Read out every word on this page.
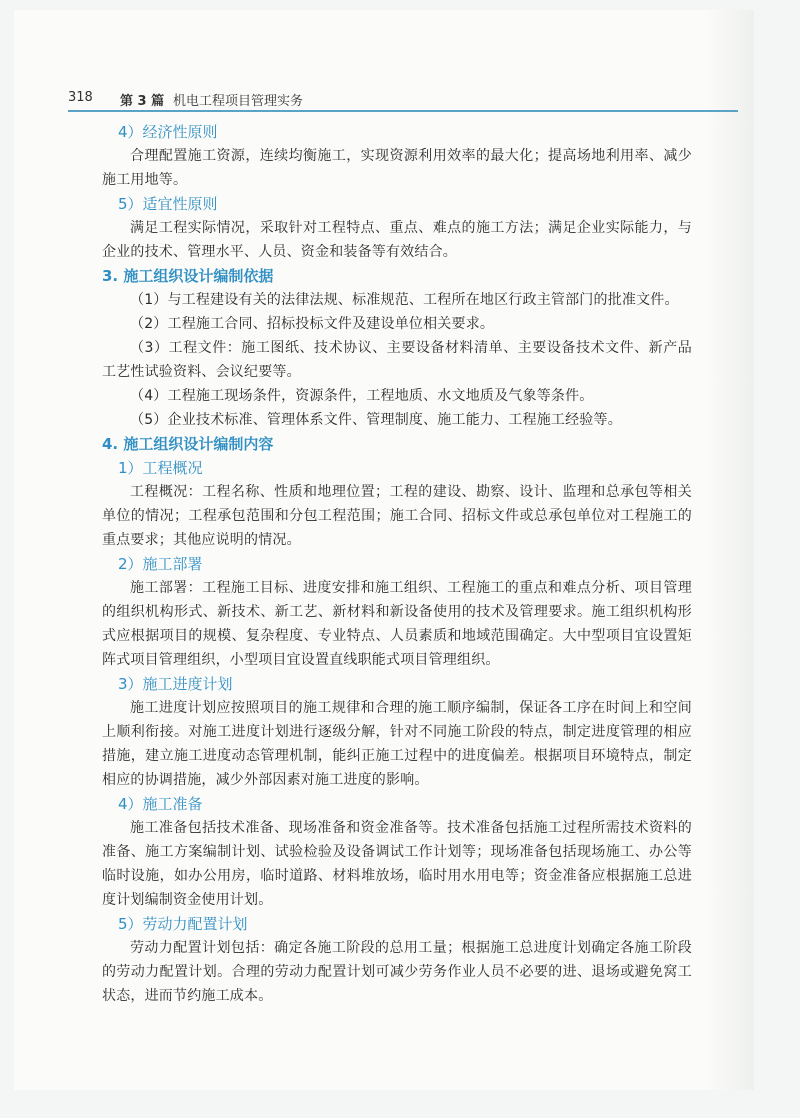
318 第 3 篇 机电工程项目管理实务
4）经济性原则
合理配置施工资源，连续均衡施工，实现资源利用效率的最大化；提高场地利用率、减少施工用地等。
5）适宜性原则
满足工程实际情况，采取针对工程特点、重点、难点的施工方法；满足企业实际能力，与企业的技术、管理水平、人员、资金和装备等有效结合。
3. 施工组织设计编制依据
（1）与工程建设有关的法律法规、标准规范、工程所在地区行政主管部门的批准文件。
（2）工程施工合同、招标投标文件及建设单位相关要求。
（3）工程文件：施工图纸、技术协议、主要设备材料清单、主要设备技术文件、新产品工艺性试验资料、会议纪要等。
（4）工程施工现场条件，资源条件，工程地质、水文地质及气象等条件。
（5）企业技术标准、管理体系文件、管理制度、施工能力、工程施工经验等。
4. 施工组织设计编制内容
1）工程概况
工程概况：工程名称、性质和地理位置；工程的建设、勘察、设计、监理和总承包等相关单位的情况；工程承包范围和分包工程范围；施工合同、招标文件或总承包单位对工程施工的重点要求；其他应说明的情况。
2）施工部署
施工部署：工程施工目标、进度安排和施工组织、工程施工的重点和难点分析、项目管理的组织机构形式、新技术、新工艺、新材料和新设备使用的技术及管理要求。施工组织机构形式应根据项目的规模、复杂程度、专业特点、人员素质和地域范围确定。大中型项目宜设置矩阵式项目管理组织，小型项目宜设置直线职能式项目管理组织。
3）施工进度计划
施工进度计划应按照项目的施工规律和合理的施工顺序编制，保证各工序在时间上和空间上顺利衔接。对施工进度计划进行逐级分解，针对不同施工阶段的特点，制定进度管理的相应措施，建立施工进度动态管理机制，能纠正施工过程中的进度偏差。根据项目环境特点，制定相应的协调措施，减少外部因素对施工进度的影响。
4）施工准备
施工准备包括技术准备、现场准备和资金准备等。技术准备包括施工过程所需技术资料的准备、施工方案编制计划、试验检验及设备调试工作计划等；现场准备包括现场施工、办公等临时设施，如办公用房，临时道路、材料堆放场，临时用水用电等；资金准备应根据施工总进度计划编制资金使用计划。
5）劳动力配置计划
劳动力配置计划包括：确定各施工阶段的总用工量；根据施工总进度计划确定各施工阶段的劳动力配置计划。合理的劳动力配置计划可减少劳务作业人员不必要的进、退场或避免窝工状态，进而节约施工成本。
